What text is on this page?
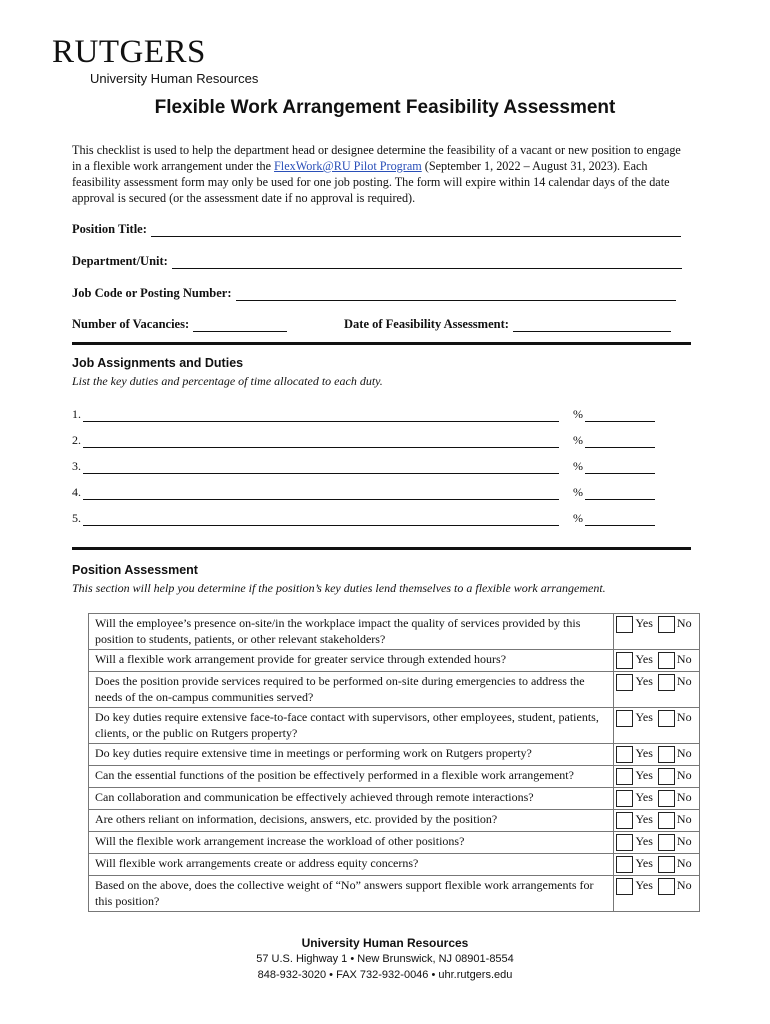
RUTGERS
University Human Resources
Flexible Work Arrangement Feasibility Assessment
This checklist is used to help the department head or designee determine the feasibility of a vacant or new position to engage in a flexible work arrangement under the FlexWork@RU Pilot Program (September 1, 2022 – August 31, 2023). Each feasibility assessment form may only be used for one job posting. The form will expire within 14 calendar days of the date approval is secured (or the assessment date if no approval is required).
Position Title:
Department/Unit:
Job Code or Posting Number:
Number of Vacancies:	Date of Feasibility Assessment:
Job Assignments and Duties
List the key duties and percentage of time allocated to each duty.
1.	%
2.	%
3.	%
4.	%
5.	%
Position Assessment
This section will help you determine if the position’s key duties lend themselves to a flexible work arrangement.
Will the employee’s presence on-site/in the workplace impact the quality of services provided by this position to students, patients, or other relevant stakeholders?	Yes No
Will a flexible work arrangement provide for greater service through extended hours?	Yes No
Does the position provide services required to be performed on-site during emergencies to address the needs of the on-campus communities served?	Yes No
Do key duties require extensive face-to-face contact with supervisors, other employees, student, patients, clients, or the public on Rutgers property?	Yes No
Do key duties require extensive time in meetings or performing work on Rutgers property?	Yes No
Can the essential functions of the position be effectively performed in a flexible work arrangement?	Yes No
Can collaboration and communication be effectively achieved through remote interactions?	Yes No
Are others reliant on information, decisions, answers, etc. provided by the position?	Yes No
Will the flexible work arrangement increase the workload of other positions?	Yes No
Will flexible work arrangements create or address equity concerns?	Yes No
Based on the above, does the collective weight of “No” answers support flexible work arrangements for this position?	Yes No
University Human Resources
57 U.S. Highway 1 • New Brunswick, NJ 08901-8554
848-932-3020 • FAX 732-932-0046 • uhr.rutgers.edu
